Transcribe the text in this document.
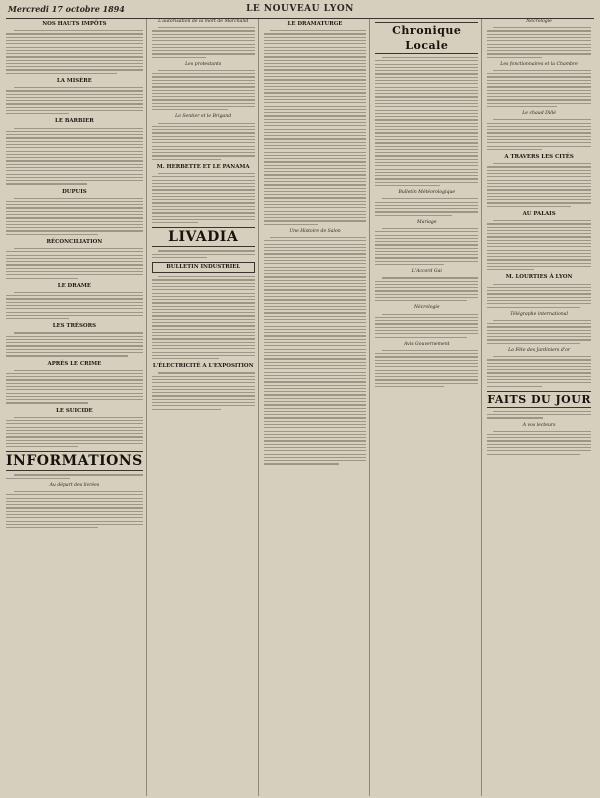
Mercredi 17 octobre 1894	LE NOUVEAU LYON
NOS HAUTS IMPÔTS
LA MISÈRE
LE BARBIER
DUPUIS
RÉCONCILIATION
LE DRAME
LES TRÉSORS
APRÈS LE CRIME
LE SUICIDE
INFORMATIONS
Au départ des livrées
L'autorisation de la mort de Marchand
Les protestants
Le Sentier et le Brigand
M. HERBETTE ET LE PANAMA
LIVADIA
BULLETIN INDUSTRIEL
L'ÉLECTRICITÉ A L'EXPOSITION
LE DRAMATURGE
Une Histoire de Salon
Chronique Locale
Bulletin Météorologique
Mariage
L'Accord Gai
Nécrologie
Avis Gouvernement
Nécrologie
Les fonctionnaires et la Chambre
Le chaud Dillé
A TRAVERS LES CITÉS
AU PALAIS
M. LOURTIES À LYON
Télégraphe international
La Fête des Jardiniers d'or
FAITS DU JOUR
A vos lecteurs
